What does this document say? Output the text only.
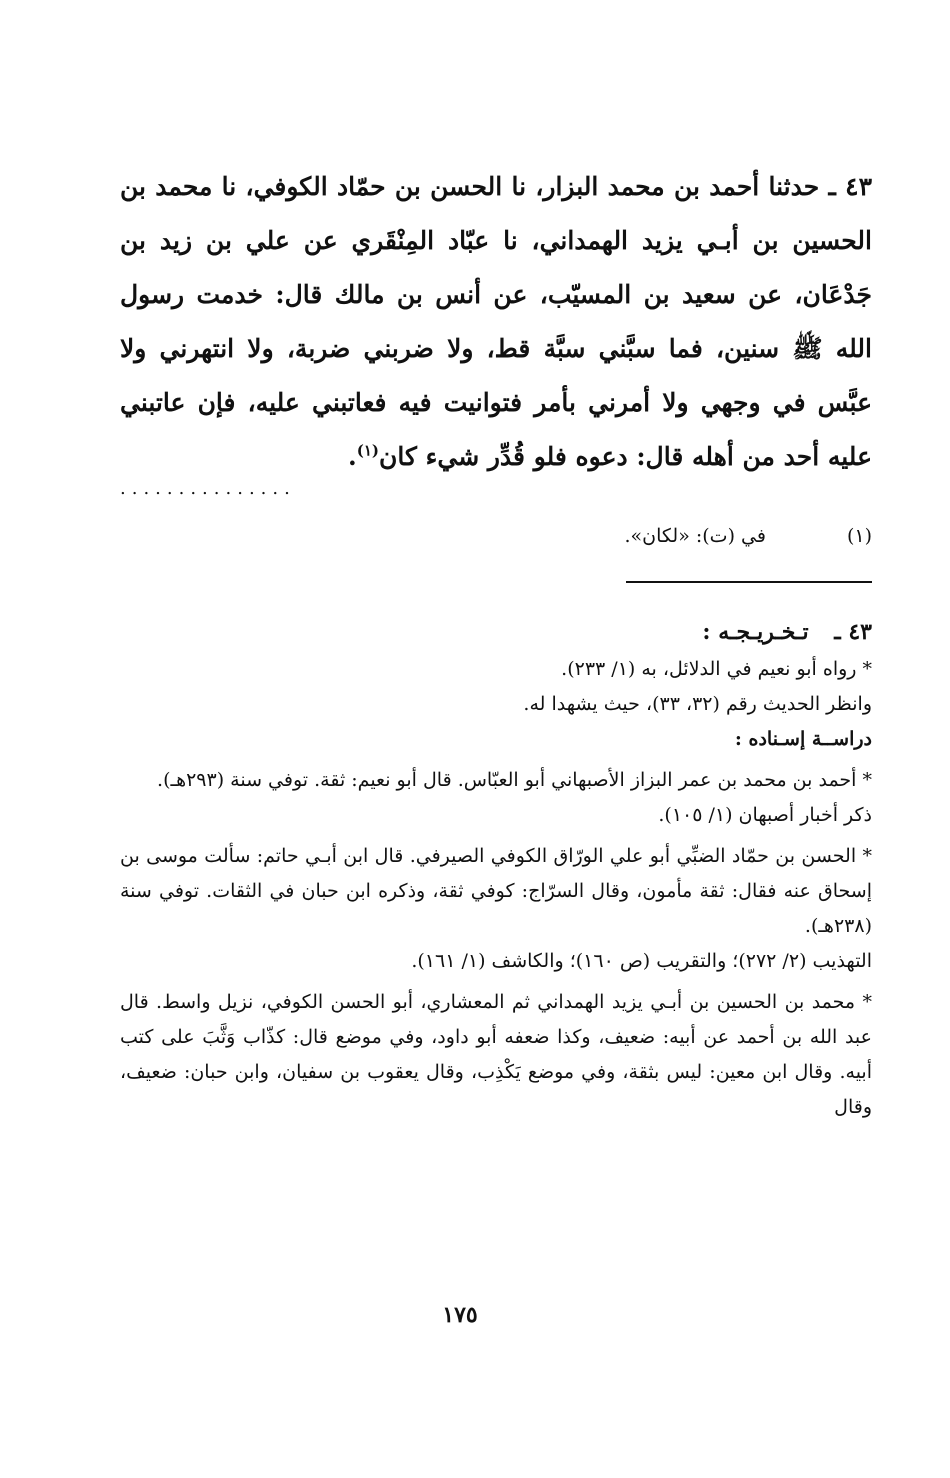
٤٣ ـ حدثنا أحمد بن محمد البزار، نا الحسن بن حمّاد الكوفي، نا محمد بن الحسين بن أبـي يزيد الهمداني، نا عبّاد المِنْقَري عن علي بن زيد بن جَدْعَان، عن سعيد بن المسيّب، عن أنس بن مالك قال: خدمت رسول الله ﷺ سنين، فما سبَّني سبَّة قط، ولا ضربني ضربة، ولا انتهرني ولا عبَّس في وجهي ولا أمرني بأمر فتوانيت فيه فعاتبني عليه، فإن عاتبني عليه أحد من أهله قال: دعوه فلو قُدِّر شيء كان$^{(١)}$.
...............
(١) في (ت): «لكان».

٤٣ ـ تـخـريـجـه :

* رواه أبو نعيم في الدلائل، به (١/ ٢٣٣).

وانظر الحديث رقم (٣٢، ٣٣)، حيث يشهدا له.

دراســة إسـناده :

* أحمد بن محمد بن عمر البزاز الأصبهاني أبو العبّاس. قال أبو نعيم: ثقة. توفي سنة (٢٩٣هـ).

ذكر أخبار أصبهان (١/ ١٠٥).

* الحسن بن حمّاد الضبِّي أبو علي الورّاق الكوفي الصيرفي. قال ابن أبـي حاتم: سألت موسى بن إسحاق عنه فقال: ثقة مأمون، وقال السرّاج: كوفي ثقة، وذكره ابن حبان في الثقات. توفي سنة (٢٣٨هـ).

التهذيب (٢/ ٢٧٢)؛ والتقريب (ص ١٦٠)؛ والكاشف (١/ ١٦١).

* محمد بن الحسين بن أبـي يزيد الهمداني ثم المعشاري، أبو الحسن الكوفي، نزيل واسط. قال عبد الله بن أحمد عن أبيه: ضعيف، وكذا ضعفه أبو داود، وفي موضع قال: كذّاب وَثَّبَ على كتب أبيه. وقال ابن معين: ليس بثقة، وفي موضع يَكْذِب، وقال يعقوب بن سفيان، وابن حبان: ضعيف، وقال

١٧٥
